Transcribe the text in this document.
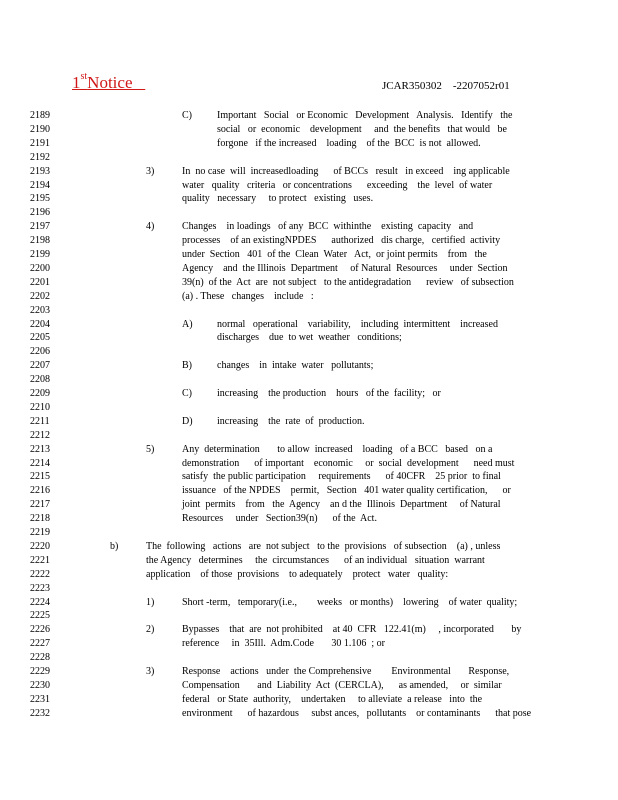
1stNotice	JCAR350302    -2207052r01
2189	C)	Important   Social   or Economic   Development   Analysis.   Identify   the
2190	social   or  economic    development     and  the benefits   that would   be
2191	forgone   if the increased    loading    of the  BCC  is not  allowed.
2192
2193	3)	In  no case  will  increasedloading      of BCCs   result   in exceed    ing applicable
2194	water   quality   criteria   or concentrations      exceeding    the  level  of water
2195	quality   necessary     to protect   existing   uses.
2196
2197	4)	Changes    in loadings   of any  BCC  withinthe    existing  capacity   and
2198	processes    of an existingNPDES      authorized   dis charge,   certified  activity
2199	under  Section   401  of the  Clean  Water   Act,  or joint permits    from   the
2200	Agency    and  the Illinois  Department     of Natural  Resources     under  Section
2201	39(n)  of the  Act  are  not subject   to the antidegradation      review   of subsection
2202	(a) . These   changes    include   :
2203
2204	A) normal   operational    variability,    including  intermittent    increased
2205	discharges    due  to wet  weather   conditions;
2206
2207	B)	changes    in  intake  water   pollutants;
2208
2209	C)	increasing    the production    hours   of the  facility;   or
2210
2211	D) increasing    the  rate  of  production.
2212
2213	5)	Any  determination       to allow  increased    loading   of a BCC   based   on a
2214	demonstration      of important    economic     or  social  development      need must
2215	satisfy  the public participation     requirements      of 40CFR    25 prior  to final
2216	issuance   of the NPDES    permit,   Section   401 water quality certification,      or
2217	joint  permits    from   the  Agency    an d the  Illinois  Department     of Natural
2218	Resources     under   Section39(n)      of the  Act.
2219
2220	b)	The  following   actions   are  not subject   to the  provisions   of subsection    (a) , unless
2221	the Agency   determines     the  circumstances      of an individual   situation  warrant
2222	application    of those  provisions    to adequately    protect   water   quality:
2223
2224	1)	Short -term,   temporary(i.e.,        weeks   or months)    lowering    of water  quality;
2225
2226	2)	Bypasses    that  are  not prohibited    at 40  CFR   122.41(m)     , incorporated       by
2227	reference     in  35Ill.  Adm.Code       30 1.106  ; or
2228
2229	3)	Response    actions   under  the Comprehensive        Environmental       Response,
2230	Compensation       and  Liability  Act  (CERCLA),      as amended,     or  similar
2231	federal   or State  authority,    undertaken     to alleviate  a release   into  the
2232	environment      of hazardous     subst ances,   pollutants    or contaminants      that pose
